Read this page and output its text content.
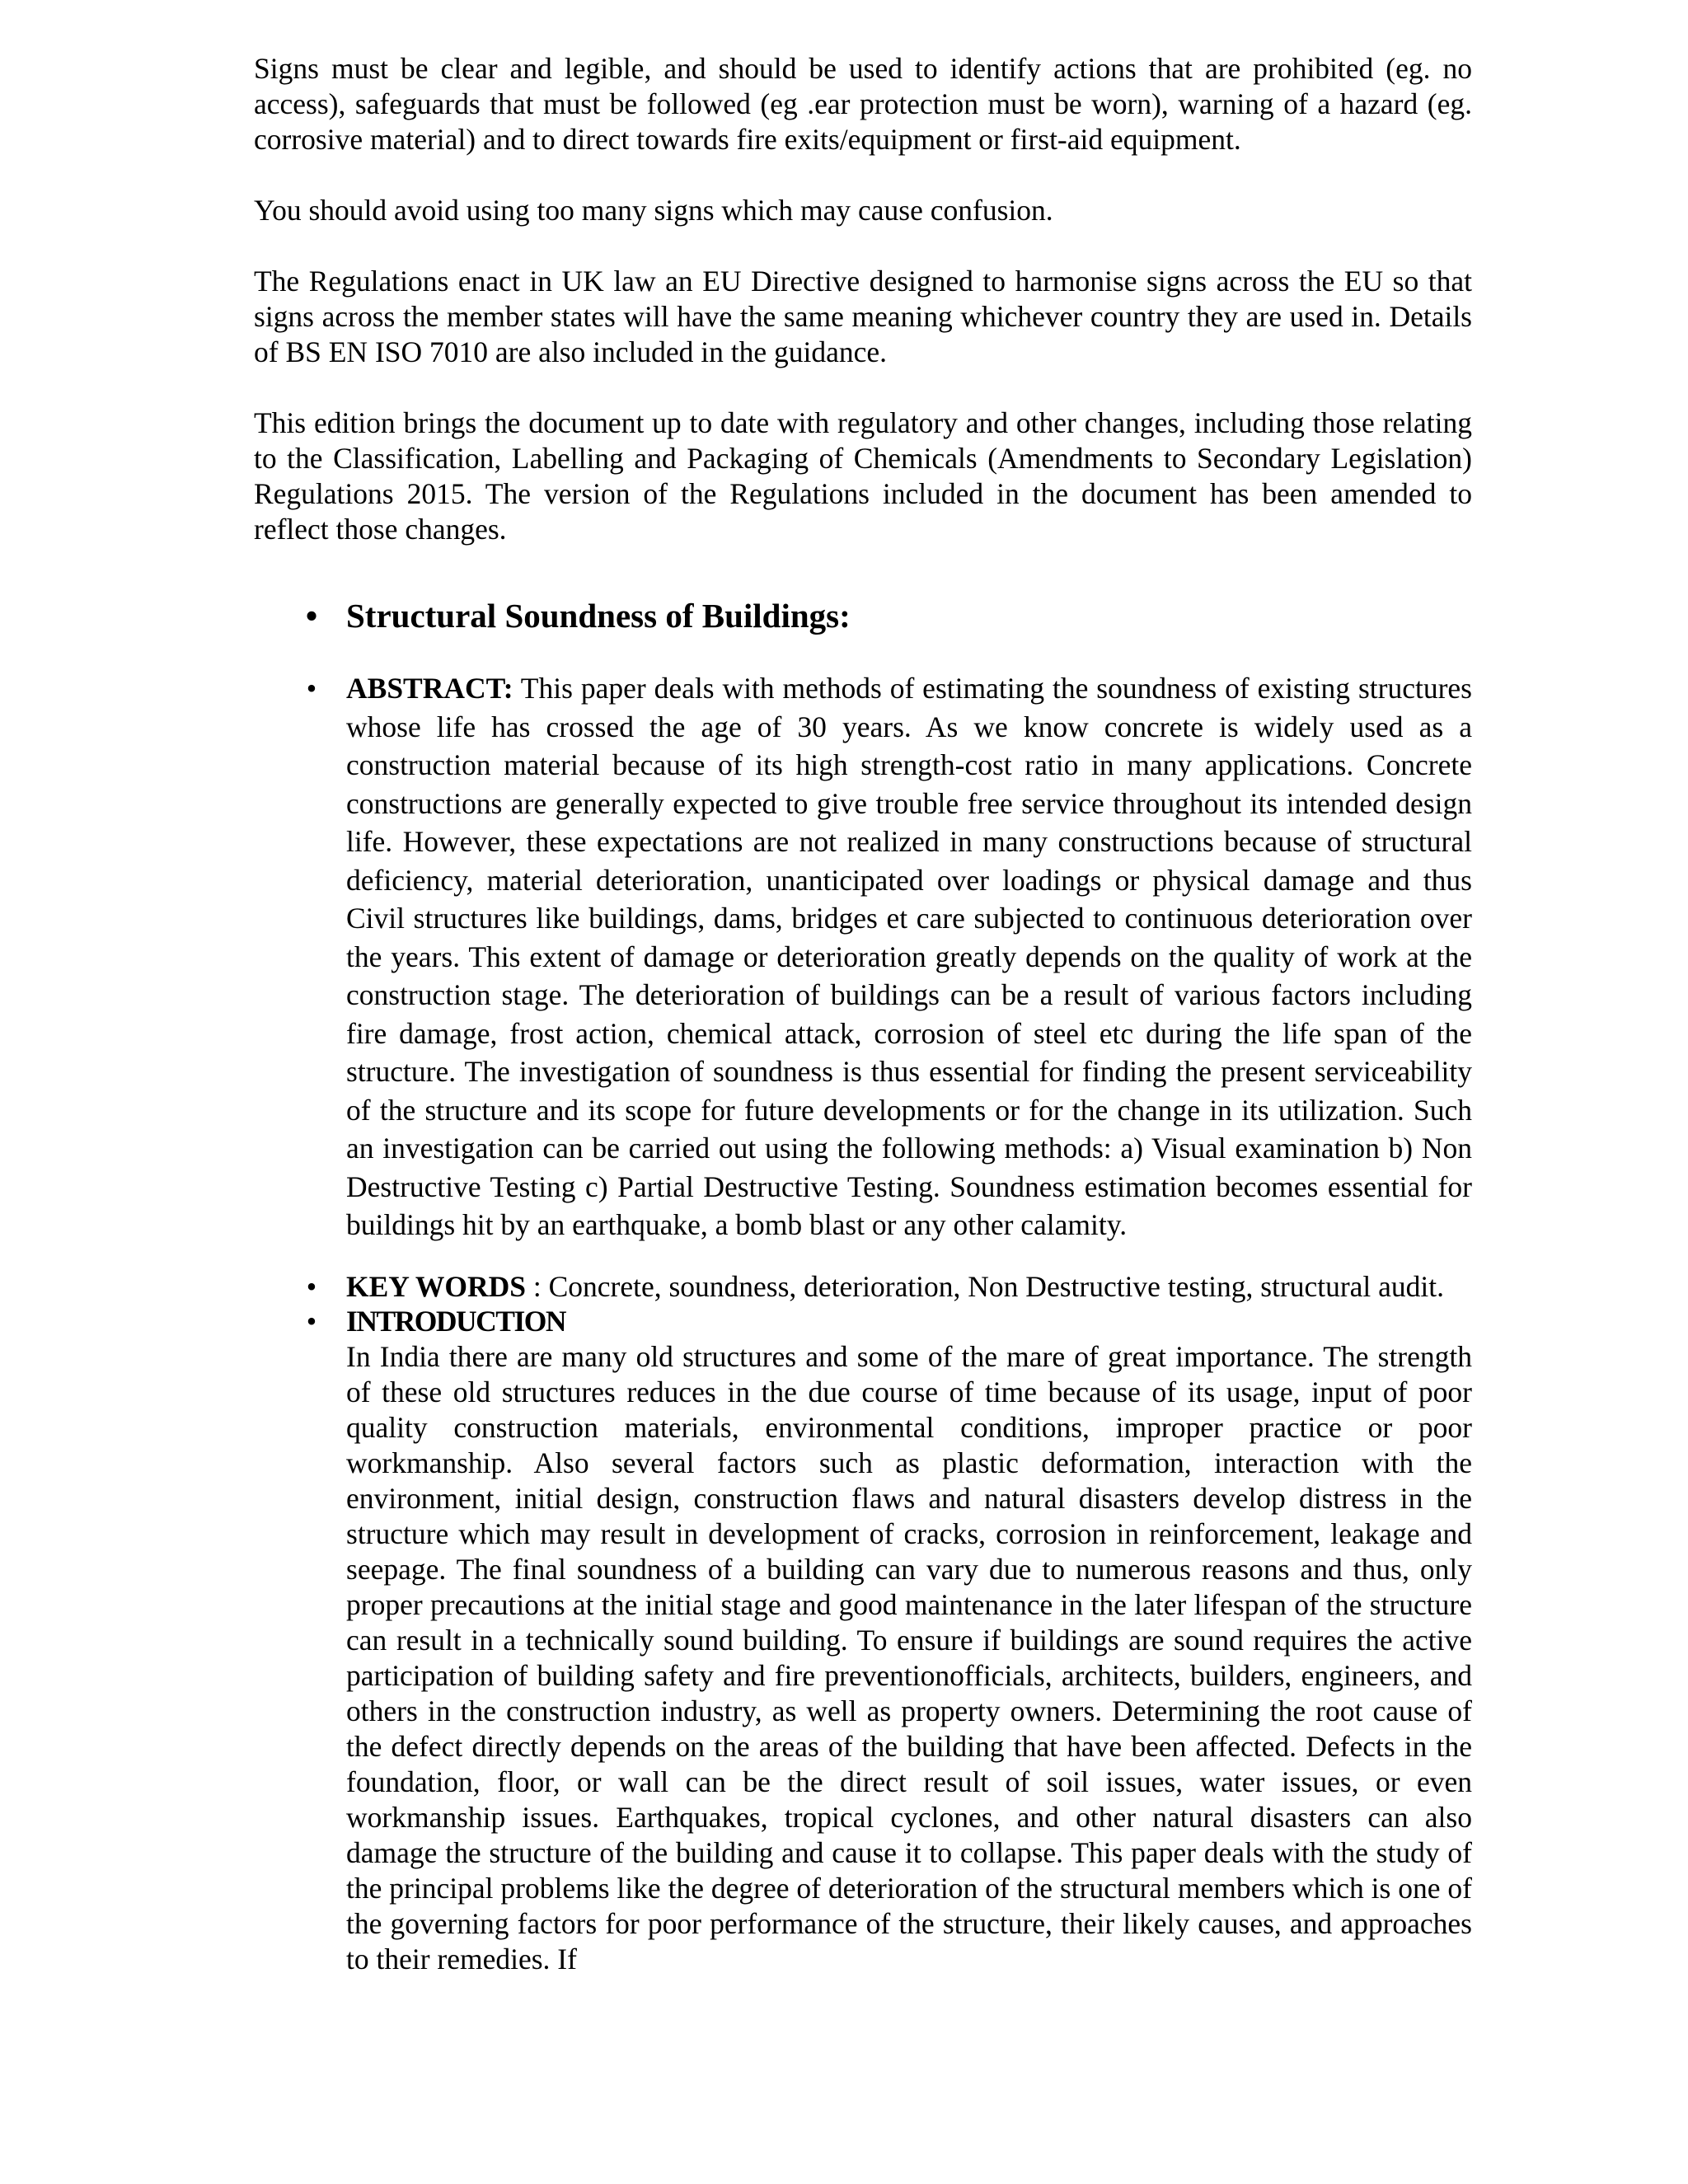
Signs must be clear and legible, and should be used to identify actions that are prohibited (eg. no access), safeguards that must be followed (eg .ear protection must be worn), warning of a hazard (eg. corrosive material) and to direct towards fire exits/equipment or first-aid equipment.

You should avoid using too many signs which may cause confusion.

The Regulations enact in UK law an EU Directive designed to harmonise signs across the EU so that signs across the member states will have the same meaning whichever country they are used in. Details of BS EN ISO 7010 are also included in the guidance.

This edition brings the document up to date with regulatory and other changes, including those relating to the Classification, Labelling and Packaging of Chemicals (Amendments to Secondary Legislation) Regulations 2015. The version of the Regulations included in the document has been amended to reflect those changes.

• Structural Soundness of Buildings:
• ABSTRACT: This paper deals with methods of estimating the soundness of existing structures whose life has crossed the age of 30 years. As we know concrete is widely used as a construction material because of its high strength-cost ratio in many applications. Concrete constructions are generally expected to give trouble free service throughout its intended design life. However, these expectations are not realized in many constructions because of structural deficiency, material deterioration, unanticipated over loadings or physical damage and thus Civil structures like buildings, dams, bridges et care subjected to continuous deterioration over the years. This extent of damage or deterioration greatly depends on the quality of work at the construction stage. The deterioration of buildings can be a result of various factors including fire damage, frost action, chemical attack, corrosion of steel etc during the life span of the structure. The investigation of soundness is thus essential for finding the present serviceability of the structure and its scope for future developments or for the change in its utilization. Such an investigation can be carried out using the following methods: a) Visual examination b) Non Destructive Testing c) Partial Destructive Testing. Soundness estimation becomes essential for buildings hit by an earthquake, a bomb blast or any other calamity.
• KEY WORDS : Concrete, soundness, deterioration, Non Destructive testing, structural audit.
• INTRODUCTION
In India there are many old structures and some of the mare of great importance. The strength of these old structures reduces in the due course of time because of its usage, input of poor quality construction materials, environmental conditions, improper practice or poor workmanship. Also several factors such as plastic deformation, interaction with the environment, initial design, construction flaws and natural disasters develop distress in the structure which may result in development of cracks, corrosion in reinforcement, leakage and seepage. The final soundness of a building can vary due to numerous reasons and thus, only proper precautions at the initial stage and good maintenance in the later lifespan of the structure can result in a technically sound building. To ensure if buildings are sound requires the active participation of building safety and fire preventionofficials, architects, builders, engineers, and others in the construction industry, as well as property owners. Determining the root cause of the defect directly depends on the areas of the building that have been affected. Defects in the foundation, floor, or wall can be the direct result of soil issues, water issues, or even workmanship issues. Earthquakes, tropical cyclones, and other natural disasters can also damage the structure of the building and cause it to collapse. This paper deals with the study of the principal problems like the degree of deterioration of the structural members which is one of the governing factors for poor performance of the structure, their likely causes, and approaches to their remedies. If
